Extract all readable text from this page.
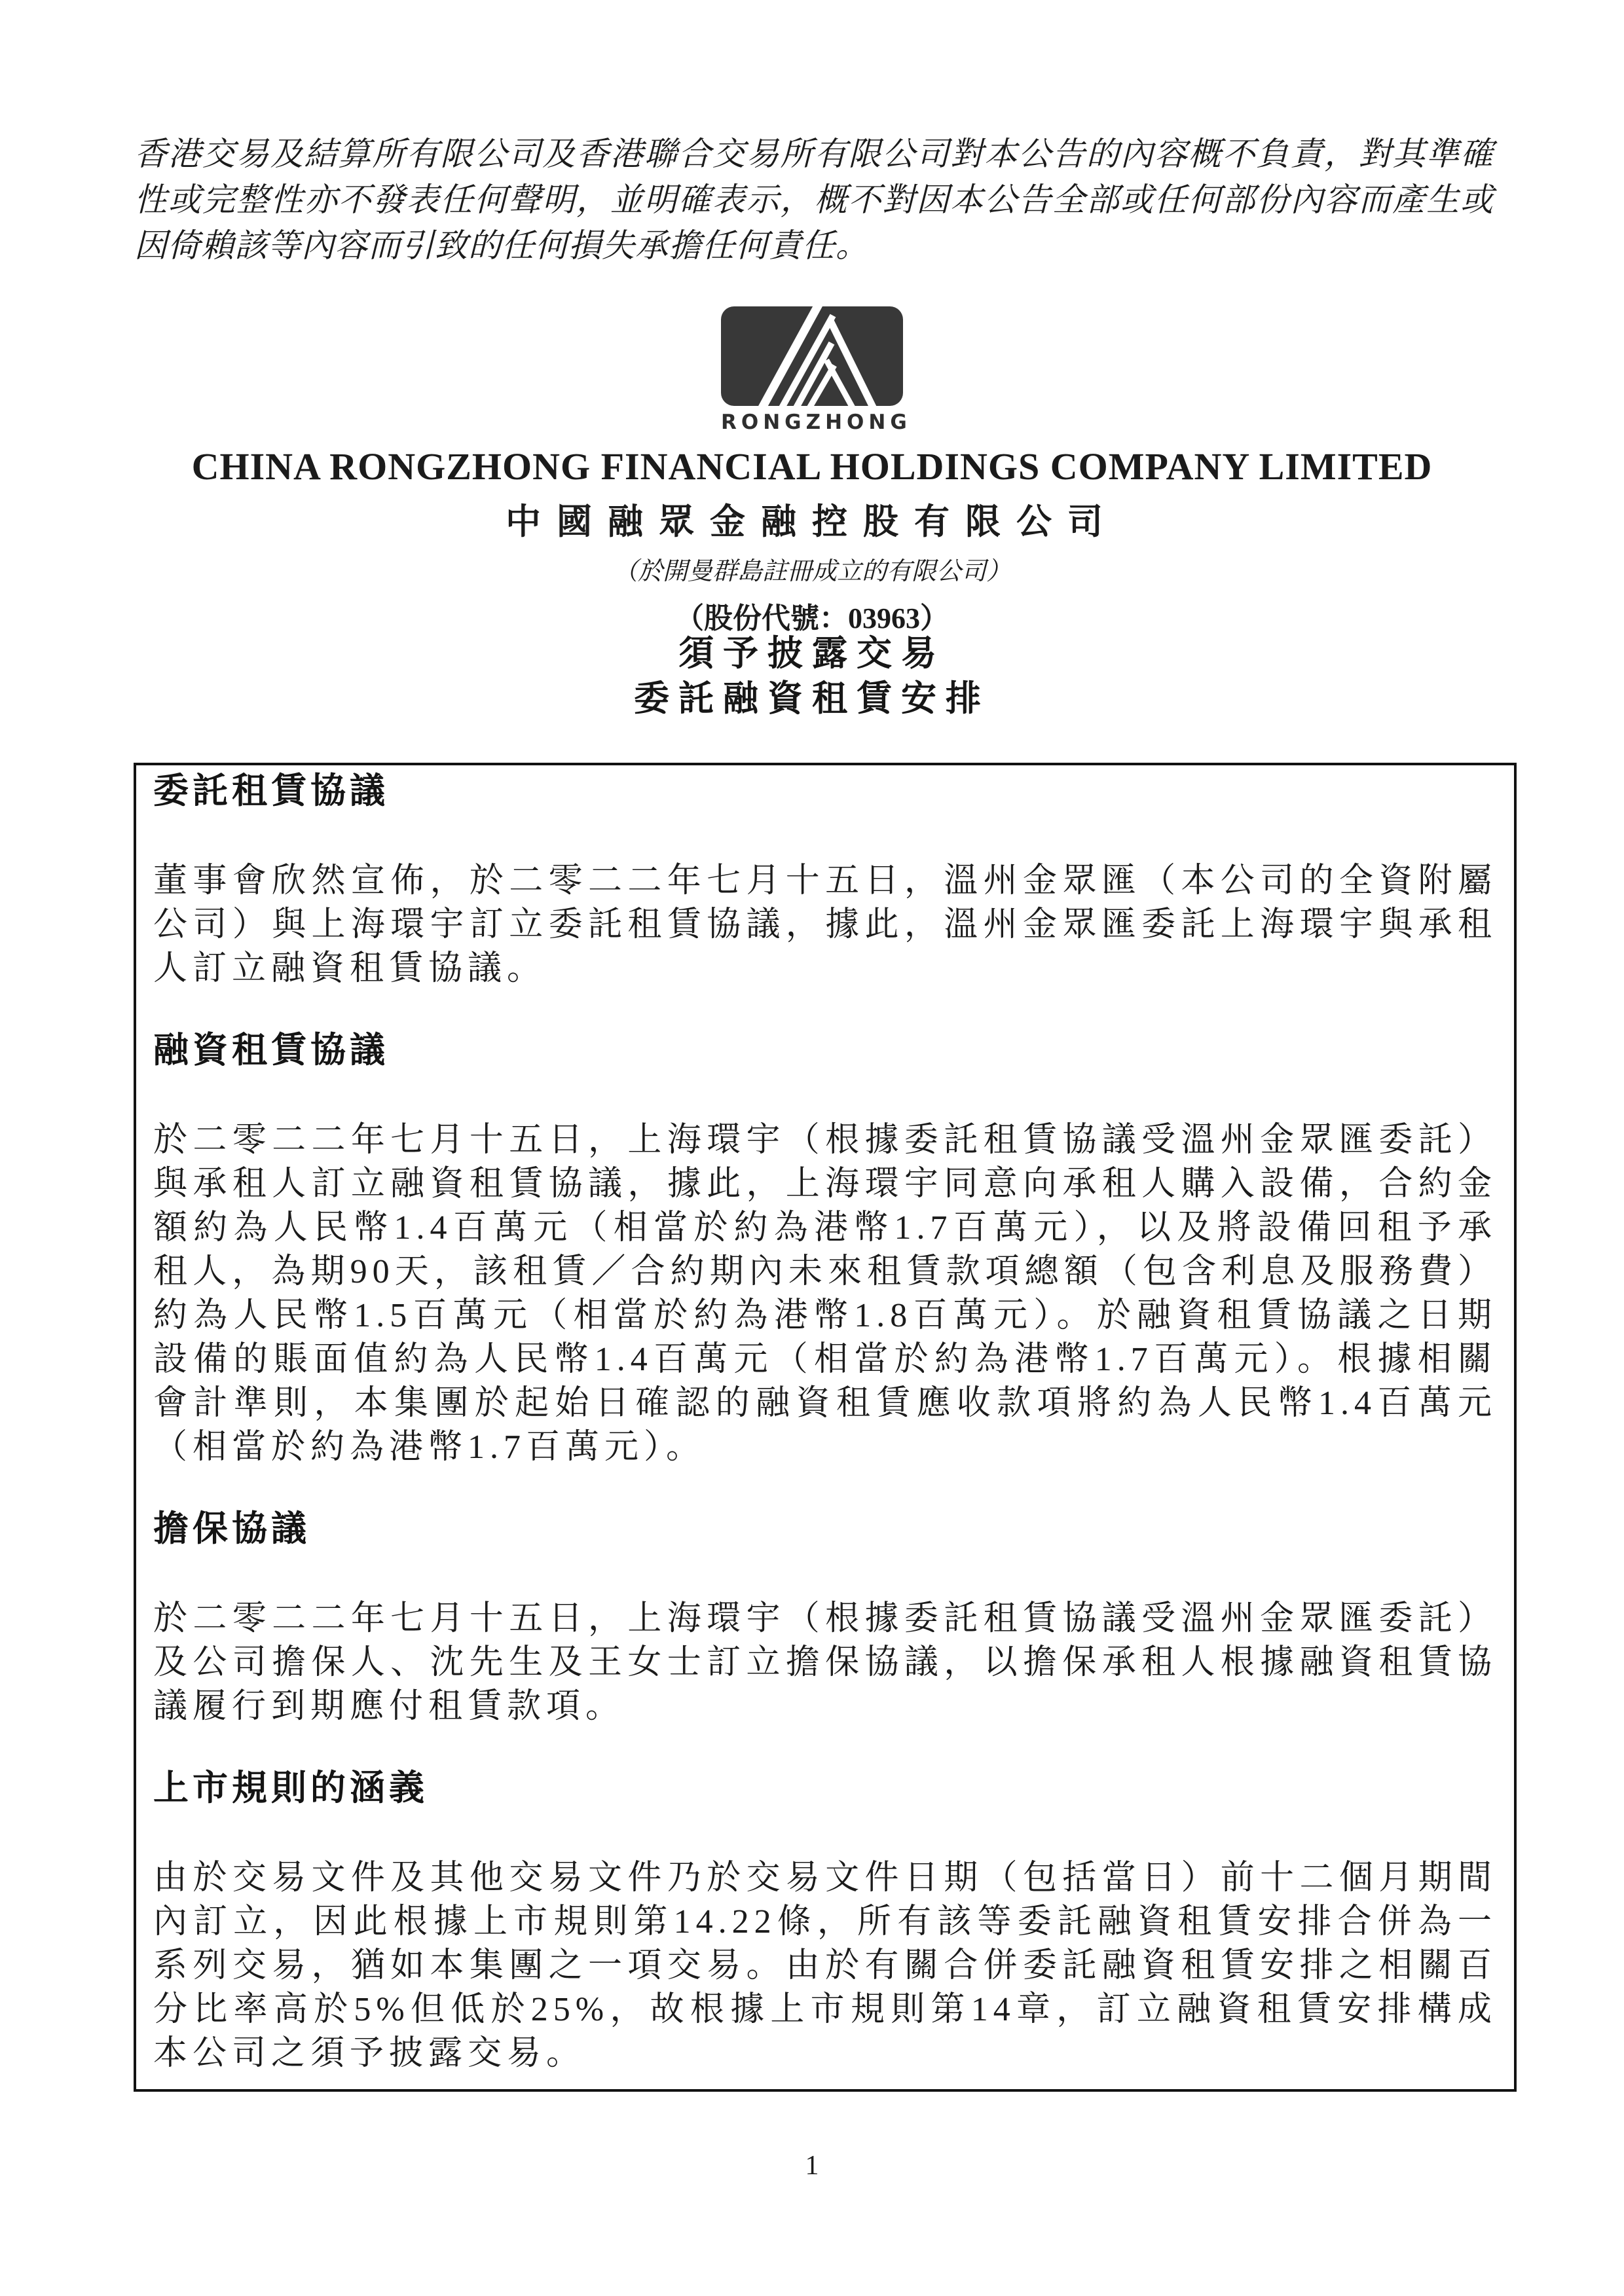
香港交易及結算所有限公司及香港聯合交易所有限公司對本公告的內容概不負責，對其準確性或完整性亦不發表任何聲明，並明確表示，概不對因本公告全部或任何部份內容而產生或因倚賴該等內容而引致的任何損失承擔任何責任。
RONGZHONG
CHINA RONGZHONG FINANCIAL HOLDINGS COMPANY LIMITED
中國融眾金融控股有限公司
（於開曼群島註冊成立的有限公司）
（股份代號：03963）
須予披露交易
委託融資租賃安排
委託租賃協議
董事會欣然宣佈，於二零二二年七月十五日，溫州金眾匯（本公司的全資附屬公司）與上海環宇訂立委託租賃協議，據此，溫州金眾匯委託上海環宇與承租人訂立融資租賃協議。
融資租賃協議
於二零二二年七月十五日，上海環宇（根據委託租賃協議受溫州金眾匯委託）與承租人訂立融資租賃協議，據此，上海環宇同意向承租人購入設備，合約金額約為人民幣1.4百萬元（相當於約為港幣1.7百萬元），以及將設備回租予承租人，為期90天，該租賃／合約期內未來租賃款項總額（包含利息及服務費）約為人民幣1.5百萬元（相當於約為港幣1.8百萬元）。於融資租賃協議之日期設備的賬面值約為人民幣1.4百萬元（相當於約為港幣1.7百萬元）。根據相關會計準則，本集團於起始日確認的融資租賃應收款項將約為人民幣1.4百萬元（相當於約為港幣1.7百萬元）。
擔保協議
於二零二二年七月十五日，上海環宇（根據委託租賃協議受溫州金眾匯委託）及公司擔保人、沈先生及王女士訂立擔保協議，以擔保承租人根據融資租賃協議履行到期應付租賃款項。
上市規則的涵義
由於交易文件及其他交易文件乃於交易文件日期（包括當日）前十二個月期間內訂立，因此根據上市規則第14.22條，所有該等委託融資租賃安排合併為一系列交易，猶如本集團之一項交易。由於有關合併委託融資租賃安排之相關百分比率高於5%但低於25%，故根據上市規則第14章，訂立融資租賃安排構成本公司之須予披露交易。
1
